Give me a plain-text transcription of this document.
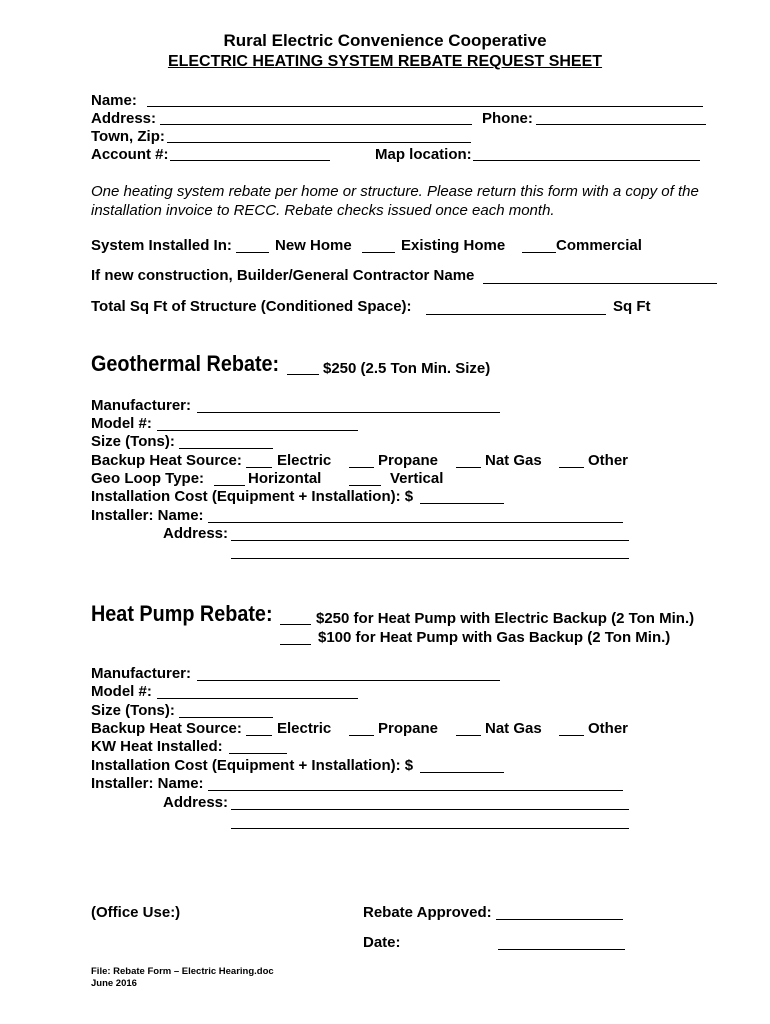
Rural Electric Convenience Cooperative
ELECTRIC HEATING SYSTEM REBATE REQUEST SHEET
Name:
Address:	Phone:
Town, Zip:
Account #:	Map location:
One heating system rebate per home or structure. Please return this form with a copy of the installation invoice to RECC. Rebate checks issued once each month.
System Installed In:	New Home	Existing Home	Commercial
If new construction, Builder/General Contractor Name
Total Sq Ft of Structure (Conditioned Space):	Sq Ft
Geothermal Rebate:	$250 (2.5 Ton Min. Size)
Manufacturer:
Model #:
Size (Tons):
Backup Heat Source: Electric	Propane	Nat Gas	Other
Geo Loop Type:	Horizontal	Vertical
Installation Cost (Equipment + Installation): $
Installer: Name:
Address:
Heat Pump Rebate:	$250 for Heat Pump with Electric Backup (2 Ton Min.)
$100 for Heat Pump with Gas Backup (2 Ton Min.)
Manufacturer:
Model #:
Size (Tons):
Backup Heat Source: Electric	Propane	Nat Gas	Other
KW Heat Installed:
Installation Cost (Equipment + Installation): $
Installer: Name:
Address:
(Office Use:)	Rebate Approved:
Date:
File: Rebate Form – Electric Hearing.doc
June 2016
